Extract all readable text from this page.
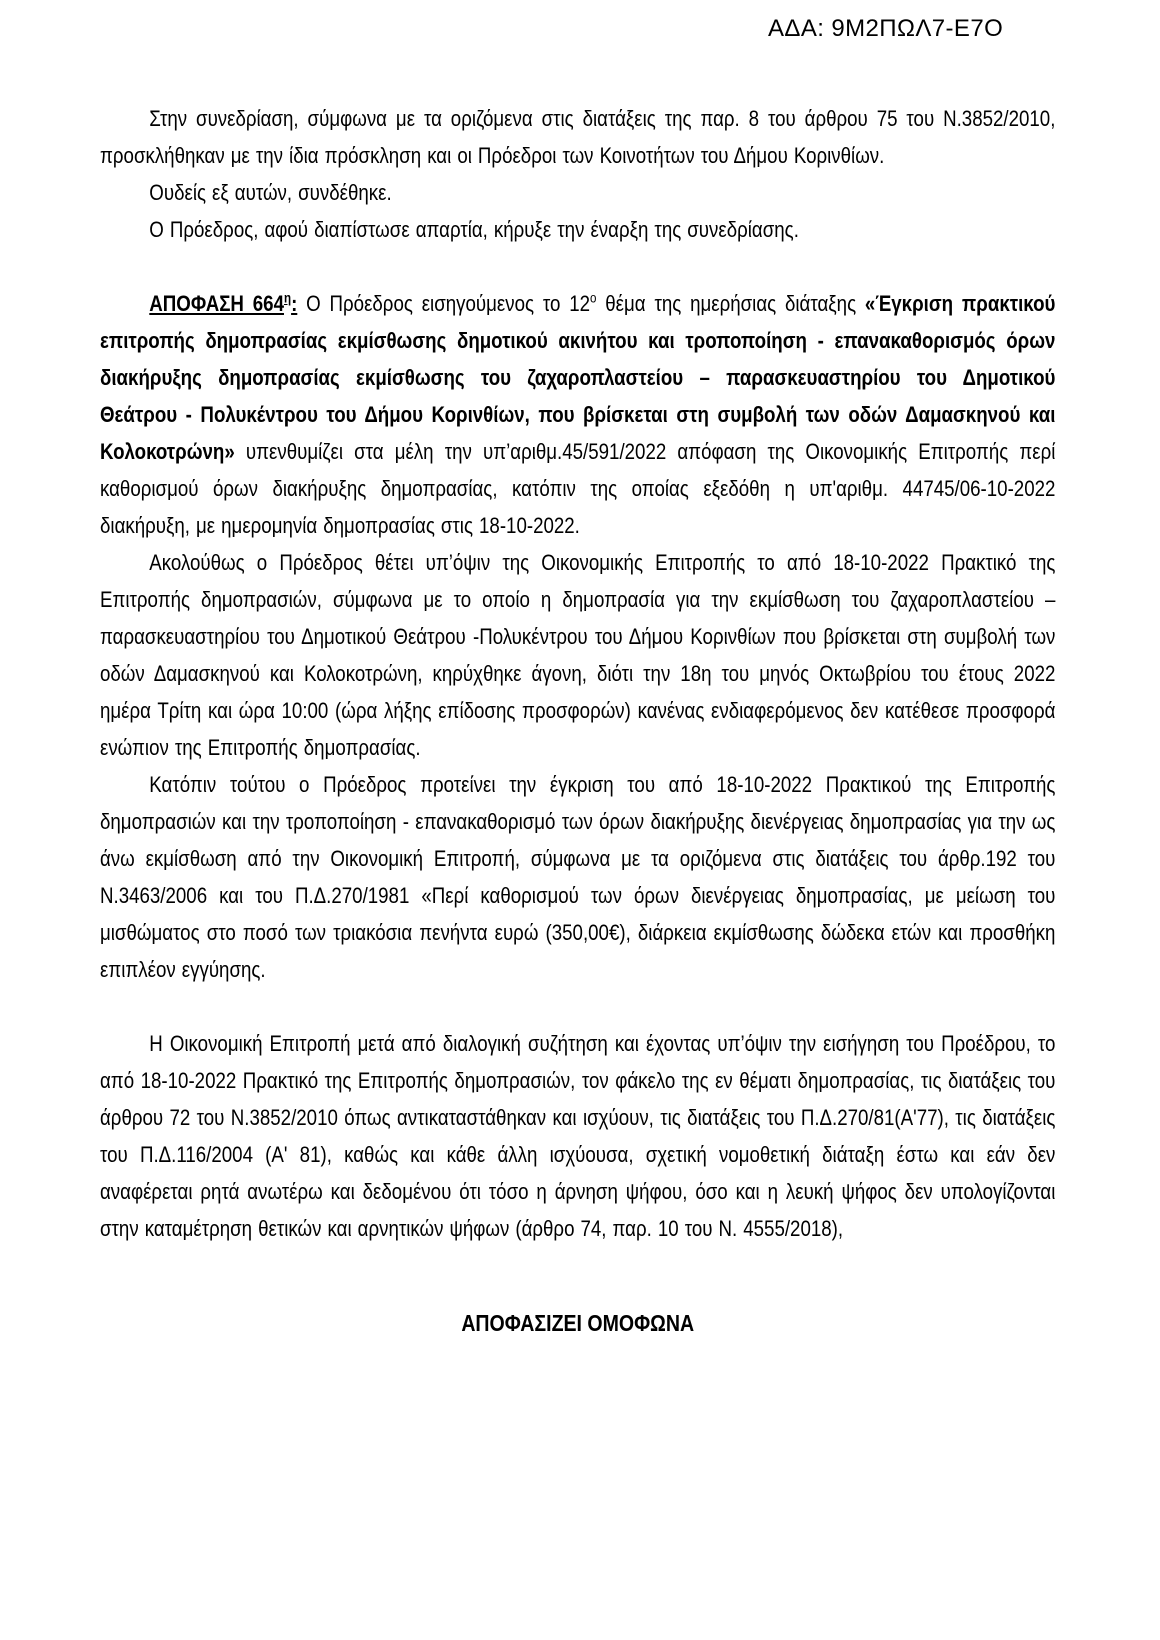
ΑΔΑ: 9Μ2ΠΩΛ7-Ε7Ο

Στην συνεδρίαση, σύμφωνα με τα οριζόμενα στις διατάξεις της παρ. 8 του άρθρου 75 του Ν.3852/2010, προσκλήθηκαν με την ίδια πρόσκληση και οι Πρόεδροι των Κοινοτήτων του Δήμου Κορινθίων.

Ουδείς εξ αυτών, συνδέθηκε.

Ο Πρόεδρος, αφού διαπίστωσε απαρτία, κήρυξε την έναρξη της συνεδρίασης.

ΑΠΟΦΑΣΗ $664^\eta$: Ο Πρόεδρος εισηγούμενος το $12^o$ θέμα της ημερήσιας διάταξης «Έγκριση πρακτικού επιτροπής δημοπρασίας εκμίσθωσης δημοτικού ακινήτου και τροποποίηση - επανακαθορισμός όρων διακήρυξης δημοπρασίας εκμίσθωσης του ζαχαροπλαστείου – παρασκευαστηρίου του Δημοτικού Θεάτρου - Πολυκέντρου του Δήμου Κορινθίων, που βρίσκεται στη συμβολή των οδών Δαμασκηνού και Κολοκοτρώνη» υπενθυμίζει στα μέλη την υπ’αριθμ.45/591/2022 απόφαση της Οικονομικής Επιτροπής περί καθορισμού όρων διακήρυξης δημοπρασίας, κατόπιν της οποίας εξεδόθη η υπ'αριθμ. 44745/06-10-2022 διακήρυξη, με ημερομηνία δημοπρασίας στις 18-10-2022.

Ακολούθως ο Πρόεδρος θέτει υπ’όψιν της Οικονομικής Επιτροπής το από 18-10-2022 Πρακτικό της Επιτροπής δημοπρασιών, σύμφωνα με το οποίο η δημοπρασία για την εκμίσθωση του ζαχαροπλαστείου – παρασκευαστηρίου του Δημοτικού Θεάτρου -Πολυκέντρου του Δήμου Κορινθίων που βρίσκεται στη συμβολή των οδών Δαμασκηνού και Κολοκοτρώνη, κηρύχθηκε άγονη, διότι την 18η του μηνός Οκτωβρίου του έτους 2022 ημέρα Τρίτη και ώρα 10:00 (ώρα λήξης επίδοσης προσφορών) κανένας ενδιαφερόμενος δεν κατέθεσε προσφορά ενώπιον της Επιτροπής δημοπρασίας.

Κατόπιν τούτου ο Πρόεδρος προτείνει την έγκριση του από 18-10-2022 Πρακτικού της Επιτροπής δημοπρασιών και την τροποποίηση - επανακαθορισμό των όρων διακήρυξης διενέργειας δημοπρασίας για την ως άνω εκμίσθωση από την Οικονομική Επιτροπή, σύμφωνα με τα οριζόμενα στις διατάξεις του άρθρ.192 του Ν.3463/2006 και του Π.Δ.270/1981 «Περί καθορισμού των όρων διενέργειας δημοπρασίας, με μείωση του μισθώματος στο ποσό των τριακόσια πενήντα ευρώ (350,00€), διάρκεια εκμίσθωσης δώδεκα ετών και προσθήκη επιπλέον εγγύησης.

Η Οικονομική Επιτροπή μετά από διαλογική συζήτηση και έχοντας υπ’όψιν την εισήγηση του Προέδρου, το από 18-10-2022 Πρακτικό της Επιτροπής δημοπρασιών, τον φάκελο της εν θέματι δημοπρασίας, τις διατάξεις του άρθρου 72 του Ν.3852/2010 όπως αντικαταστάθηκαν και ισχύουν, τις διατάξεις του Π.Δ.270/81(Α'77), τις διατάξεις του Π.Δ.116/2004 (Α' 81), καθώς και κάθε άλλη ισχύουσα, σχετική νομοθετική διάταξη έστω και εάν δεν αναφέρεται ρητά ανωτέρω και δεδομένου ότι τόσο η άρνηση ψήφου, όσο και η λευκή ψήφος δεν υπολογίζονται στην καταμέτρηση θετικών και αρνητικών ψήφων (άρθρο 74, παρ. 10 του Ν. 4555/2018),

ΑΠΟΦΑΣΙΖΕΙ ΟΜΟΦΩΝΑ
